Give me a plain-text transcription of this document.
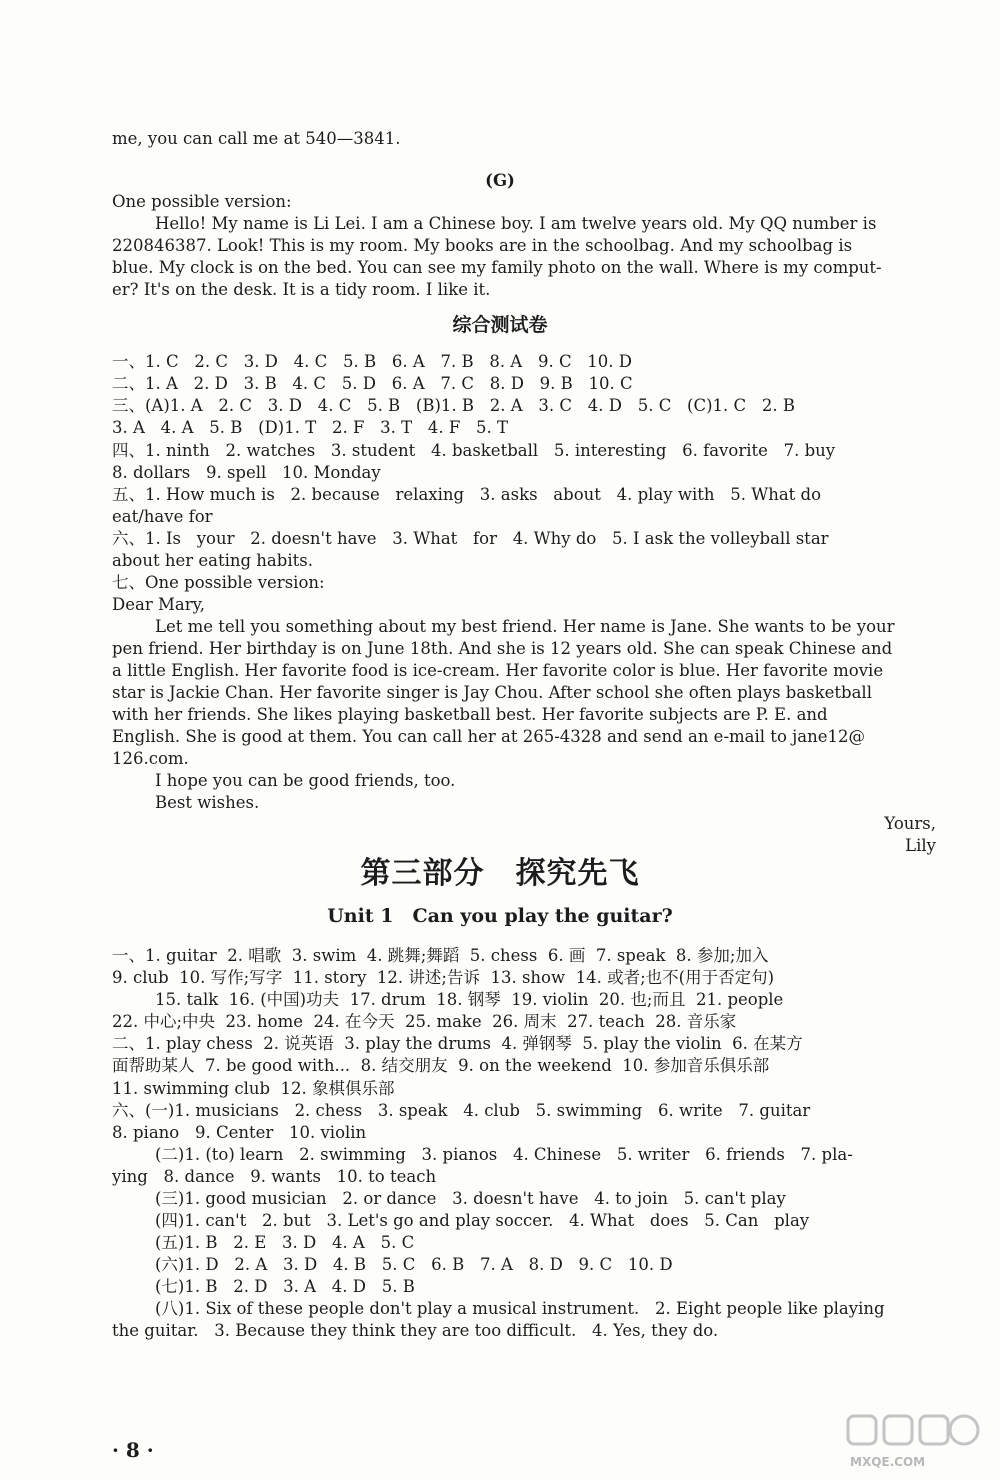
me, you can call me at 540—3841.
(G)
One possible version:
Hello! My name is Li Lei. I am a Chinese boy. I am twelve years old. My QQ number is
220846387. Look! This is my room. My books are in the schoolbag. And my schoolbag is
blue. My clock is on the bed. You can see my family photo on the wall. Where is my comput-
er? It's on the desk. It is a tidy room. I like it.
综合测试卷
一、1. C   2. C   3. D   4. C   5. B   6. A   7. B   8. A   9. C   10. D
二、1. A   2. D   3. B   4. C   5. D   6. A   7. C   8. D   9. B   10. C
三、(A)1. A   2. C   3. D   4. C   5. B   (B)1. B   2. A   3. C   4. D   5. C   (C)1. C   2. B
3. A   4. A   5. B   (D)1. T   2. F   3. T   4. F   5. T
四、1. ninth   2. watches   3. student   4. basketball   5. interesting   6. favorite   7. buy
8. dollars   9. spell   10. Monday
五、1. How much is   2. because   relaxing   3. asks   about   4. play with   5. What do
eat/have for
六、1. Is   your   2. doesn't have   3. What   for   4. Why do   5. I ask the volleyball star
about her eating habits.
七、One possible version:
Dear Mary,
Let me tell you something about my best friend. Her name is Jane. She wants to be your
pen friend. Her birthday is on June 18th. And she is 12 years old. She can speak Chinese and
a little English. Her favorite food is ice-cream. Her favorite color is blue. Her favorite movie
star is Jackie Chan. Her favorite singer is Jay Chou. After school she often plays basketball
with her friends. She likes playing basketball best. Her favorite subjects are P. E. and
English. She is good at them. You can call her at 265-4328 and send an e-mail to jane12@
126.com.
I hope you can be good friends, too.
Best wishes.
Yours,
Lily
第三部分　探究先飞
Unit 1　Can you play the guitar?
一、1. guitar  2. 唱歌  3. swim  4. 跳舞;舞蹈  5. chess  6. 画  7. speak  8. 参加;加入
9. club  10. 写作;写字  11. story  12. 讲述;告诉  13. show  14. 或者;也不(用于否定句)
15. talk  16. (中国)功夫  17. drum  18. 钢琴  19. violin  20. 也;而且  21. people
22. 中心;中央  23. home  24. 在今天  25. make  26. 周末  27. teach  28. 音乐家
二、1. play chess  2. 说英语  3. play the drums  4. 弹钢琴  5. play the violin  6. 在某方
面帮助某人  7. be good with...  8. 结交朋友  9. on the weekend  10. 参加音乐俱乐部
11. swimming club  12. 象棋俱乐部
六、(一)1. musicians   2. chess   3. speak   4. club   5. swimming   6. write   7. guitar
8. piano   9. Center   10. violin
(二)1. (to) learn   2. swimming   3. pianos   4. Chinese   5. writer   6. friends   7. pla-
ying   8. dance   9. wants   10. to teach
(三)1. good musician   2. or dance   3. doesn't have   4. to join   5. can't play
(四)1. can't   2. but   3. Let's go and play soccer.   4. What   does   5. Can   play
(五)1. B   2. E   3. D   4. A   5. C
(六)1. D   2. A   3. D   4. B   5. C   6. B   7. A   8. D   9. C   10. D
(七)1. B   2. D   3. A   4. D   5. B
(八)1. Six of these people don't play a musical instrument.   2. Eight people like playing
the guitar.   3. Because they think they are too difficult.   4. Yes, they do.
· 8 ·	MXQE.COM
